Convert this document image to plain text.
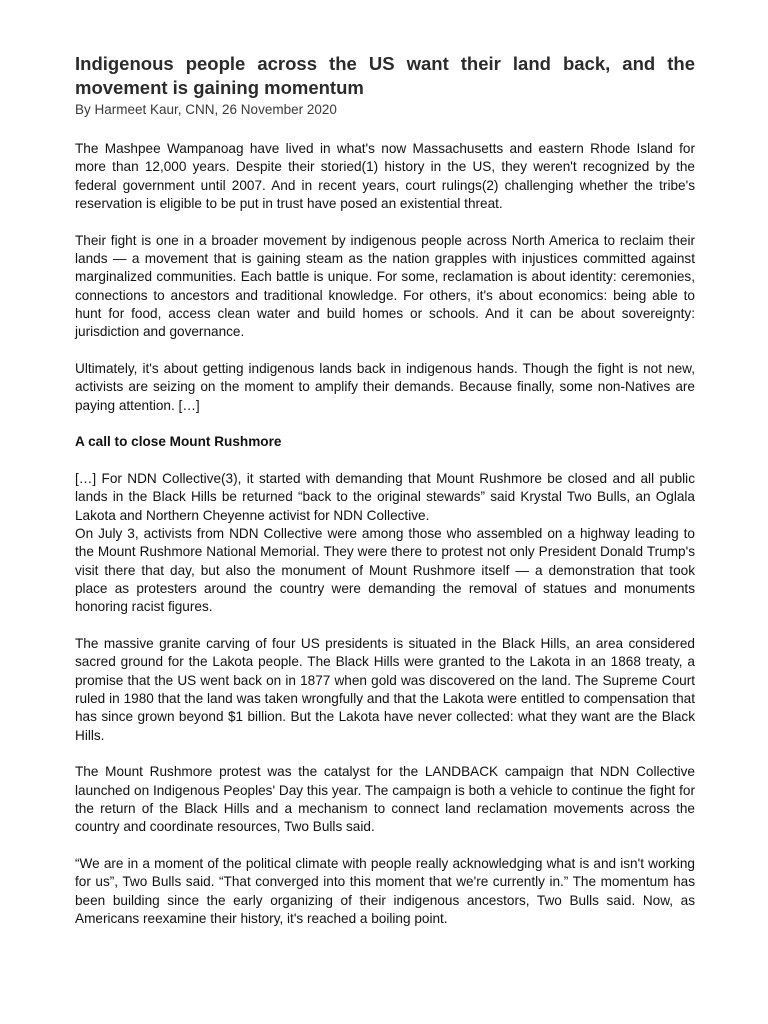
Indigenous people across the US want their land back, and the movement is gaining momentum

By Harmeet Kaur, CNN, 26 November 2020

The Mashpee Wampanoag have lived in what's now Massachusetts and eastern Rhode Island for more than 12,000 years. Despite their storied(1) history in the US, they weren't recognized by the federal government until 2007. And in recent years, court rulings(2) challenging whether the tribe's reservation is eligible to be put in trust have posed an existential threat.

Their fight is one in a broader movement by indigenous people across North America to reclaim their lands — a movement that is gaining steam as the nation grapples with injustices committed against marginalized communities. Each battle is unique. For some, reclamation is about identity: ceremonies, connections to ancestors and traditional knowledge. For others, it's about economics: being able to hunt for food, access clean water and build homes or schools. And it can be about sovereignty: jurisdiction and governance.

Ultimately, it's about getting indigenous lands back in indigenous hands. Though the fight is not new, activists are seizing on the moment to amplify their demands. Because finally, some non-Natives are paying attention. […]

A call to close Mount Rushmore

[…] For NDN Collective(3), it started with demanding that Mount Rushmore be closed and all public lands in the Black Hills be returned “back to the original stewards” said Krystal Two Bulls, an Oglala Lakota and Northern Cheyenne activist for NDN Collective.

On July 3, activists from NDN Collective were among those who assembled on a highway leading to the Mount Rushmore National Memorial. They were there to protest not only President Donald Trump's visit there that day, but also the monument of Mount Rushmore itself — a demonstration that took place as protesters around the country were demanding the removal of statues and monuments honoring racist figures.

The massive granite carving of four US presidents is situated in the Black Hills, an area considered sacred ground for the Lakota people. The Black Hills were granted to the Lakota in an 1868 treaty, a promise that the US went back on in 1877 when gold was discovered on the land. The Supreme Court ruled in 1980 that the land was taken wrongfully and that the Lakota were entitled to compensation that has since grown beyond $1 billion. But the Lakota have never collected: what they want are the Black Hills.

The Mount Rushmore protest was the catalyst for the LANDBACK campaign that NDN Collective launched on Indigenous Peoples' Day this year. The campaign is both a vehicle to continue the fight for the return of the Black Hills and a mechanism to connect land reclamation movements across the country and coordinate resources, Two Bulls said.

“We are in a moment of the political climate with people really acknowledging what is and isn't working for us”, Two Bulls said. “That converged into this moment that we're currently in.” The momentum has been building since the early organizing of their indigenous ancestors, Two Bulls said. Now, as Americans reexamine their history, it's reached a boiling point.
